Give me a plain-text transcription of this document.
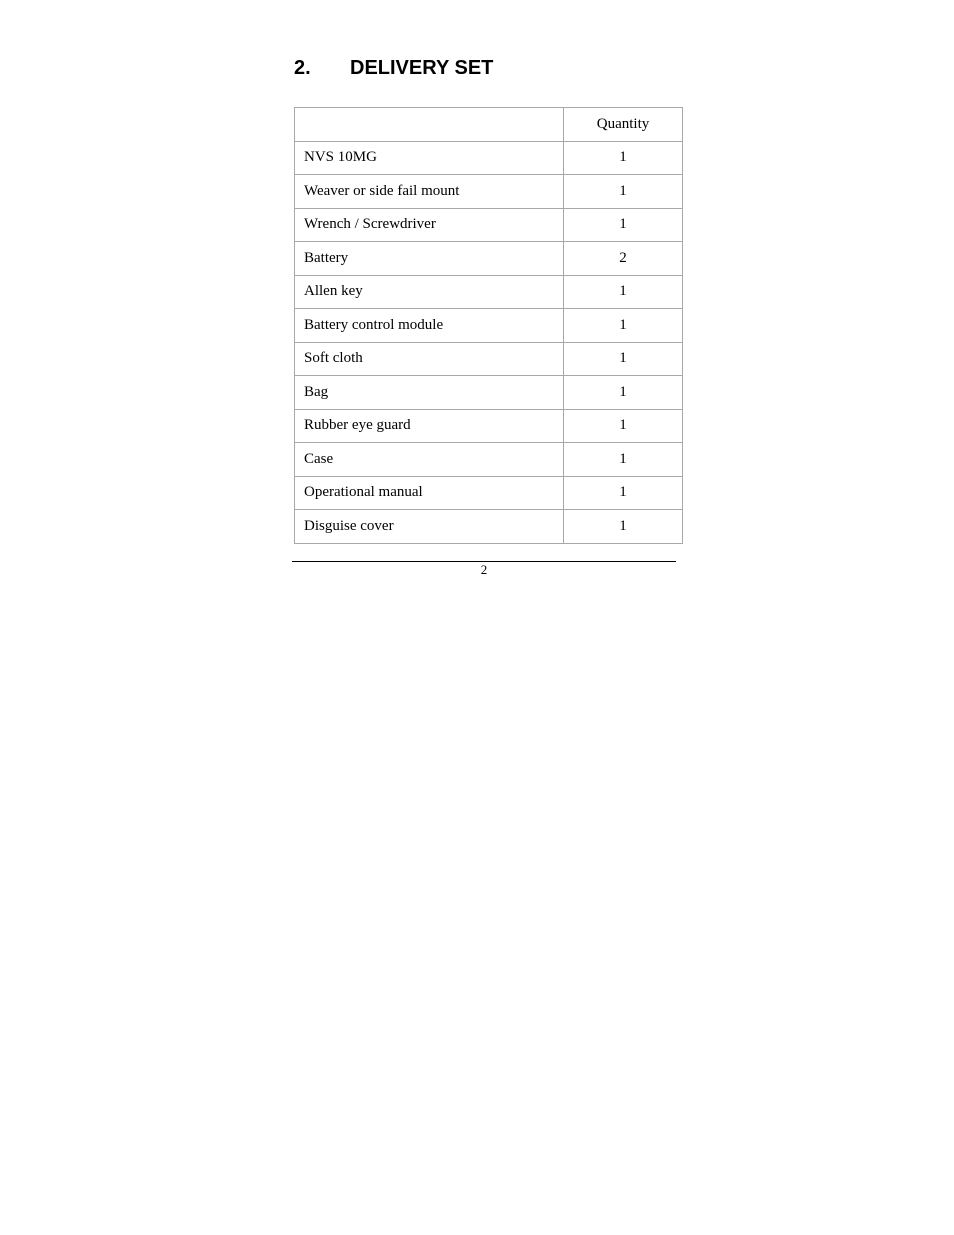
2. DELIVERY SET
	Quantity
NVS 10MG	1
Weaver or side fail mount	1
Wrench / Screwdriver	1
Battery	2
Allen key	1
Battery control module	1
Soft cloth	1
Bag	1
Rubber eye guard	1
Case	1
Operational manual	1
Disguise cover	1
2
